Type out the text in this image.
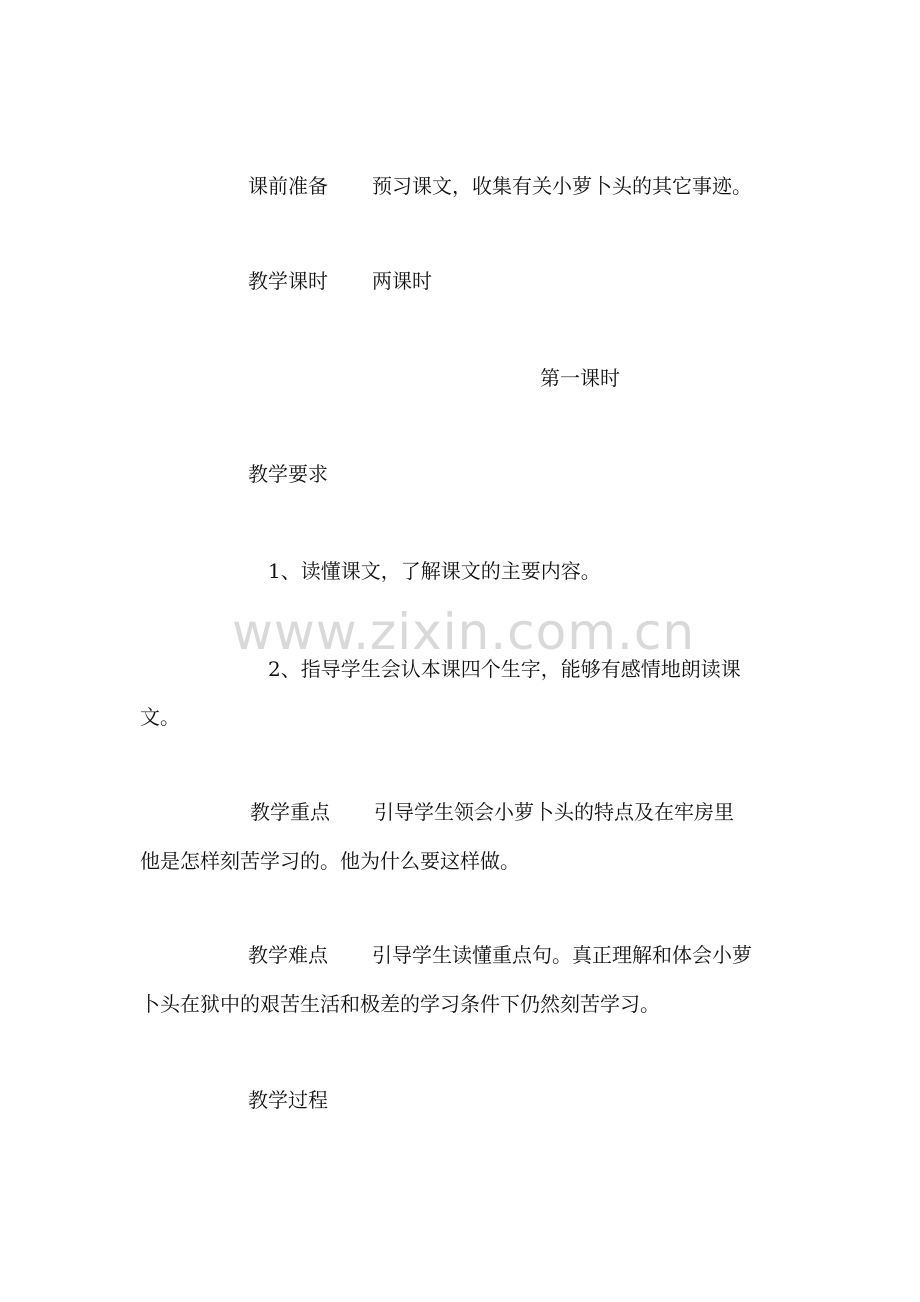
www.zixin.com.cn
课前准备 预习课文，收集有关小萝卜头的其它事迹。
教学课时 两课时
第一课时
教学要求
1、读懂课文，了解课文的主要内容。
2、指导学生会认本课四个生字，能够有感情地朗读课
文。
教学重点 引导学生领会小萝卜头的特点及在牢房里
他是怎样刻苦学习的。他为什么要这样做。
教学难点 引导学生读懂重点句。真正理解和体会小萝
卜头在狱中的艰苦生活和极差的学习条件下仍然刻苦学习。
教学过程
